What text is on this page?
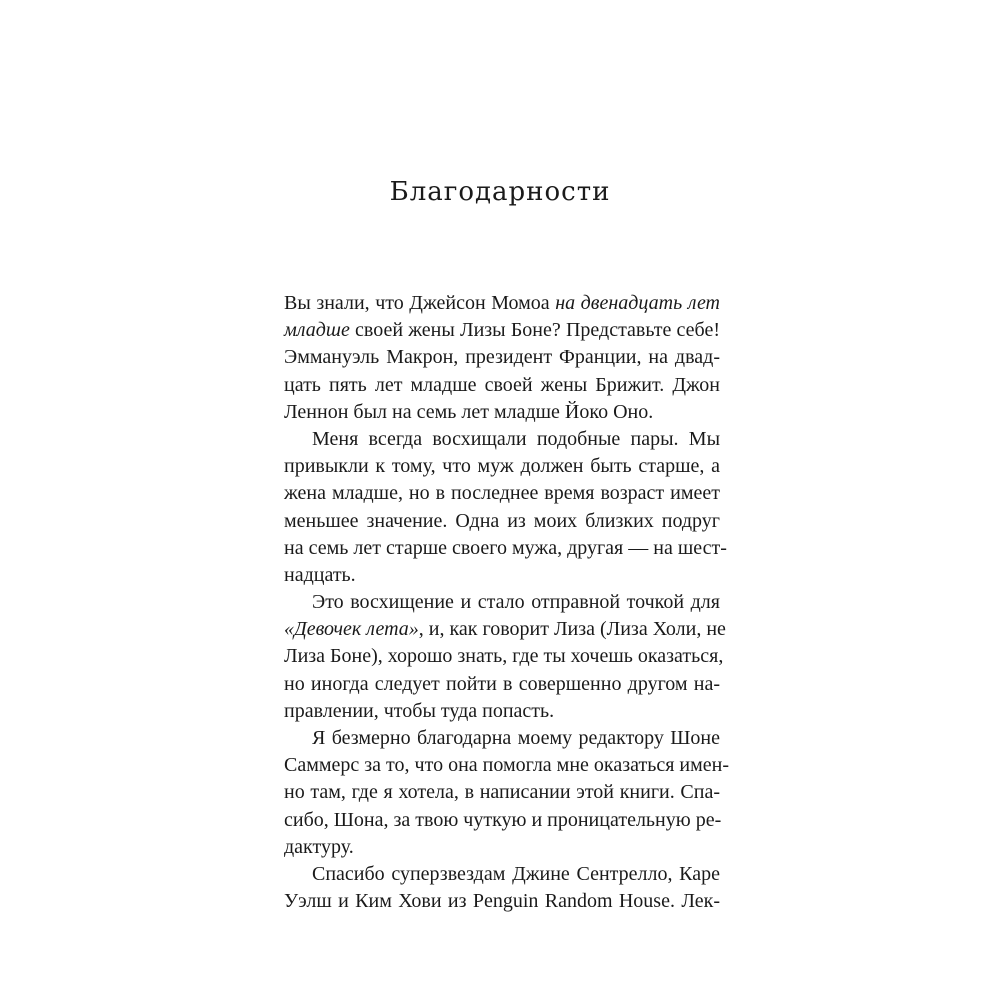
Благодарности
Вы знали, что Джейсон Момоа на двенадцать лет
младше своей жены Лизы Боне? Представьте себе!
Эммануэль Макрон, президент Франции, на двад-
цать пять лет младше своей жены Брижит. Джон
Леннон был на семь лет младше Йоко Оно.
Меня всегда восхищали подобные пары. Мы
привыкли к тому, что муж должен быть старше, а
жена младше, но в последнее время возраст имеет
меньшее значение. Одна из моих близких подруг
на семь лет старше своего мужа, другая — на шест-
надцать.
Это восхищение и стало отправной точкой для
«Девочек лета», и, как говорит Лиза (Лиза Холи, не
Лиза Боне), хорошо знать, где ты хочешь оказаться,
но иногда следует пойти в совершенно другом на-
правлении, чтобы туда попасть.
Я безмерно благодарна моему редактору Шоне
Саммерс за то, что она помогла мне оказаться имен-
но там, где я хотела, в написании этой книги. Спа-
сибо, Шона, за твою чуткую и проницательную ре-
дактуру.
Спасибо суперзвездам Джине Сентрелло, Каре
Уэлш и Ким Хови из Penguin Random House. Лек-
